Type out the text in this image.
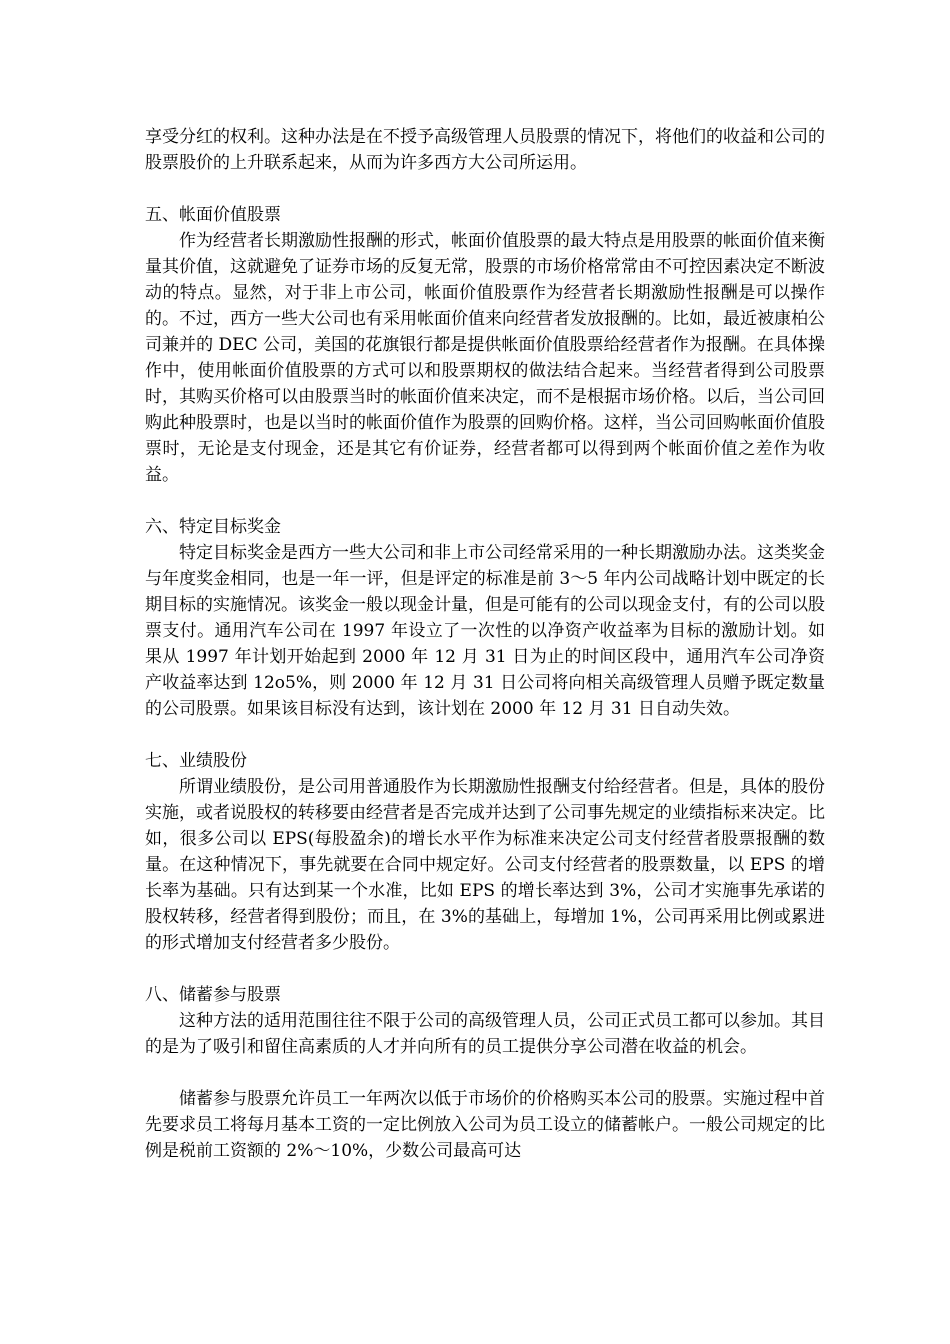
享受分红的权利。这种办法是在不授予高级管理人员股票的情况下，将他们的收益和公司的股票股价的上升联系起来，从而为许多西方大公司所运用。

五、帐面价值股票

作为经营者长期激励性报酬的形式，帐面价值股票的最大特点是用股票的帐面价值来衡量其价值，这就避免了证券市场的反复无常，股票的市场价格常常由不可控因素决定不断波动的特点。显然，对于非上市公司，帐面价值股票作为经营者长期激励性报酬是可以操作的。不过，西方一些大公司也有采用帐面价值来向经营者发放报酬的。比如，最近被康柏公司兼并的 DEC 公司，美国的花旗银行都是提供帐面价值股票给经营者作为报酬。在具体操作中，使用帐面价值股票的方式可以和股票期权的做法结合起来。当经营者得到公司股票时，其购买价格可以由股票当时的帐面价值来决定，而不是根据市场价格。以后，当公司回购此种股票时，也是以当时的帐面价值作为股票的回购价格。这样，当公司回购帐面价值股票时，无论是支付现金，还是其它有价证券，经营者都可以得到两个帐面价值之差作为收益。

六、特定目标奖金

特定目标奖金是西方一些大公司和非上市公司经常采用的一种长期激励办法。这类奖金与年度奖金相同，也是一年一评，但是评定的标准是前 3～5 年内公司战略计划中既定的长期目标的实施情况。该奖金一般以现金计量，但是可能有的公司以现金支付，有的公司以股票支付。通用汽车公司在 1997 年设立了一次性的以净资产收益率为目标的激励计划。如果从 1997 年计划开始起到 2000 年 12 月 31 日为止的时间区段中，通用汽车公司净资产收益率达到 12o5%，则 2000 年 12 月 31 日公司将向相关高级管理人员赠予既定数量的公司股票。如果该目标没有达到，该计划在 2000 年 12 月 31 日自动失效。

七、业绩股份

所谓业绩股份，是公司用普通股作为长期激励性报酬支付给经营者。但是，具体的股份实施，或者说股权的转移要由经营者是否完成并达到了公司事先规定的业绩指标来决定。比如，很多公司以 EPS(每股盈余)的增长水平作为标准来决定公司支付经营者股票报酬的数量。在这种情况下，事先就要在合同中规定好。公司支付经营者的股票数量，以 EPS 的增长率为基础。只有达到某一个水准，比如 EPS 的增长率达到 3%，公司才实施事先承诺的股权转移，经营者得到股份；而且，在 3%的基础上，每增加 1%，公司再采用比例或累进的形式增加支付经营者多少股份。

八、储蓄参与股票

这种方法的适用范围往往不限于公司的高级管理人员，公司正式员工都可以参加。其目的是为了吸引和留住高素质的人才并向所有的员工提供分享公司潜在收益的机会。

储蓄参与股票允许员工一年两次以低于市场价的价格购买本公司的股票。实施过程中首先要求员工将每月基本工资的一定比例放入公司为员工设立的储蓄帐户。一般公司规定的比例是税前工资额的 2%～10%，少数公司最高可达
